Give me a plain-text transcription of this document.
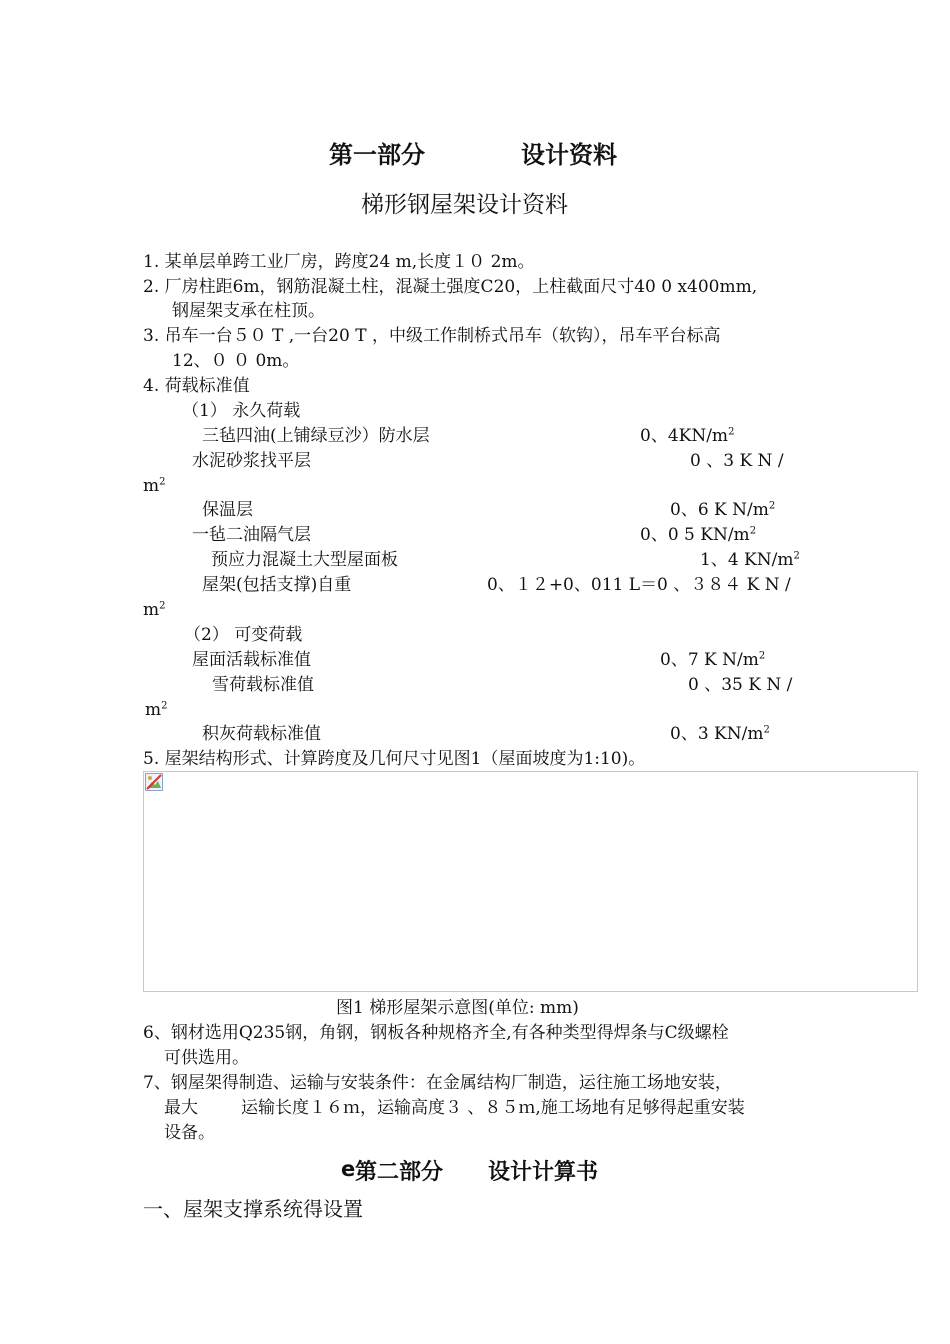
第一部分	设计资料
梯形钢屋架设计资料
1. 某单层单跨工业厂房，跨度24 m,长度１０ 2m。
2. 厂房柱距6m，钢筋混凝土柱，混凝土强度C20，上柱截面尺寸40 0 x400mm,
钢屋架支承在柱顶。
3. 吊车一台５０ T ,一台20 T ，中级工作制桥式吊车（软钩），吊车平台标高
12、０ ０ 0m。
4. 荷载标准值
（1） 永久荷载
三毡四油(上铺绿豆沙）防水层	0、$4KN/m^2$
水泥砂浆找平层	0 、3 K N /
$m^2$
保温层	0、6 K $N/m^2$
一毡二油隔气层	0、0 5 $KN/m^2$
预应力混凝土大型屋面板	1、4 $KN/m^2$
屋架(包括支撑)自重	0、１２+0、011 L＝0 、３８４ K N /
$m^2$
（2） 可变荷载
屋面活载标准值	0、7 K $N/m^2$
雪荷载标准值	0 、35 K N /
$m^2$
积灰荷载标准值	0、3 $KN/m^2$
5. 屋架结构形式、计算跨度及几何尺寸见图1（屋面坡度为1:10)。
图1 梯形屋架示意图(单位: mm)
6、钢材选用Q235钢，角钢，钢板各种规格齐全,有各种类型得焊条与C级螺栓
可供选用。
7、钢屋架得制造、运输与安装条件：在金属结构厂制造，运往施工场地安装，
最大	运输长度１６ｍ，运输高度３ 、８５ｍ,施工场地有足够得起重安装
设备。
e 第二部分 设计计算书
一、屋架支撑系统得设置
